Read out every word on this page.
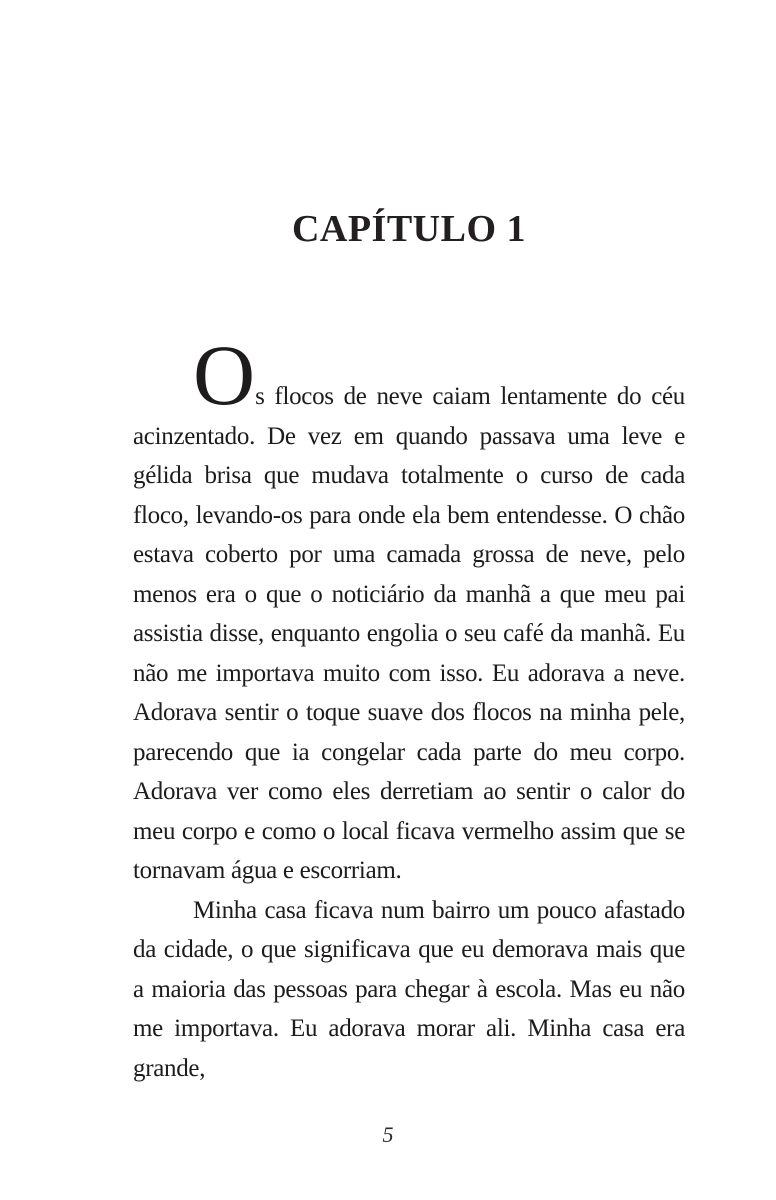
CAPÍTULO 1

Os flocos de neve caiam lentamente do céu acinzentado. De vez em quando passava uma leve e gélida brisa que mudava totalmente o curso de cada floco, levando-os para onde ela bem entendesse. O chão estava coberto por uma camada grossa de neve, pelo menos era o que o noticiário da manhã a que meu pai assistia disse, enquanto engolia o seu café da manhã. Eu não me importava muito com isso. Eu adorava a neve. Adorava sentir o toque suave dos flocos na minha pele, parecendo que ia congelar cada parte do meu corpo. Adorava ver como eles derretiam ao sentir o calor do meu corpo e como o local ficava vermelho assim que se tornavam água e escorriam.

Minha casa ficava num bairro um pouco afastado da cidade, o que significava que eu demorava mais que a maioria das pessoas para chegar à escola. Mas eu não me importava. Eu adorava morar ali. Minha casa era grande,

5
